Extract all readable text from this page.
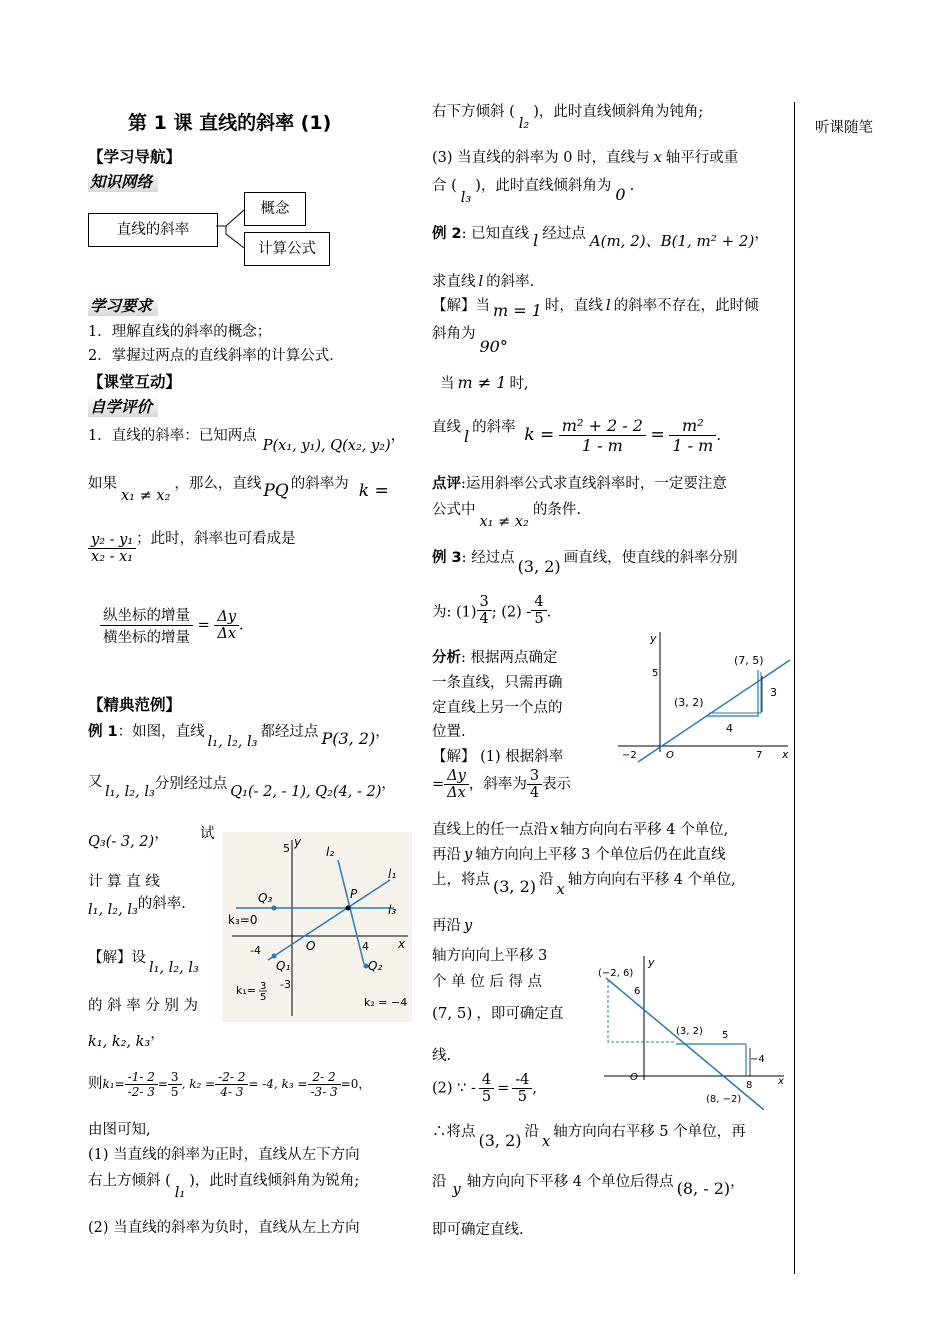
听课随笔
第 1 课 直线的斜率 (1)
【学习导航】
知识网络
直线的斜率
概念
计算公式
学习要求
1．理解直线的斜率的概念；
2．掌握过两点的直线斜率的计算公式．
【课堂互动】
自学评价
1．直线的斜率：已知两点P(x₁, y₁), Q(x₂, y₂)，
如果x₁ ≠ x₂，那么，直线 PQ 的斜率为 k =
$\frac{\text{y₂ - y₁}}{\text{x₂ - x₁}}$ ；此时，斜率也可看成是
$\frac{\text{纵坐标的增量}}{\text{横坐标的增量}} = \frac{\Delta y}{\Delta x}$ .
【精典范例】
例 1：如图，直线l₁, l₂, l₃都经过点 P(3, 2)，
又
l₁, l₂, l₃分别经过点 Q₁(- 2, - 1), Q₂(4, - 2)，
Q₃(- 3, 2)， 试
计 算 直 线
l₁, l₂, l₃的斜率.
【解】设l₁, l₂, l₃
的 斜 率 分 别 为
k₁, k₂, k₃，
则$k_1= \frac{-1- 2}{-2- 3} = \frac{3}{5}$ , $k_2 = \frac{-2- 2}{4- 3} = -4$, $k_3 = \frac{2- 2}{-3- 3} =0$，
由图可知,
(1) 当直线的斜率为正时，直线从左下方向
右上方倾斜 (l₁)，此时直线倾斜角为锐角;
(2) 当直线的斜率为负时，直线从左上方向
y
x
5
-4	O	4
-3
l₂
l₁
l₃
P
Q₃
Q₁	Q₂
k₃=0
k₁= 3
5	k₂ = −4
右下方倾斜 (l₂)，此时直线倾斜角为钝角;
(3) 当直线的斜率为 0 时，直线与 x 轴平行或重
合 (l₃)，此时直线倾斜角为 0 .
例 2: 已知直线 l 经过点 A(m, 2)、B(1, m² + 2)，
求直线 l 的斜率.
【解】当 m = 1 时，直线 l 的斜率不存在，此时倾
斜角为90°
当 m ≠ 1 时,
直线 l 的斜率 $k = \frac{\text{m² + 2 - 2}}{1 - m} = \frac{\text{m²}}{1 - m}$ .
点评:运用斜率公式求直线斜率时，一定要注意
公式中x₁ ≠ x₂的条件.
例 3: 经过点 (3, 2) 画直线，使直线的斜率分别
为: $(1) \frac{3}{4}$ ; $(2) - \frac{4}{5}$ .
分析: 根据两点确定
一条直线，只需再确
定直线上另一个点的
位置.
【解】 (1) 根据斜率
= $\frac{\Delta y}{\Delta x}$ ，斜率为 $\frac{3}{4}$ 表示
y
x
5
−2	O	7
(7, 5)
(3, 2)
3
4
直线上的任一点沿 x 轴方向向右平移 4 个单位,
再沿 y 轴方向向上平移 3 个单位后仍在此直线
上，将点 (3, 2) 沿x轴方向向右平移 4 个单位,
再沿 y
轴方向向上平移 3
个 单 位 后 得 点
(7, 5) ，即可确定直
线.
y
(−2, 6)
6
O	x
(3, 2) 5
−4
8
(8, −2)
(2) ∵ - $\frac{4}{5} = \frac{-4}{5}$ ,
∴将点 (3, 2) 沿x轴方向向右平移 5 个单位，再
沿 y 轴方向向下平移 4 个单位后得点 (8, - 2)，
即可确定直线.
